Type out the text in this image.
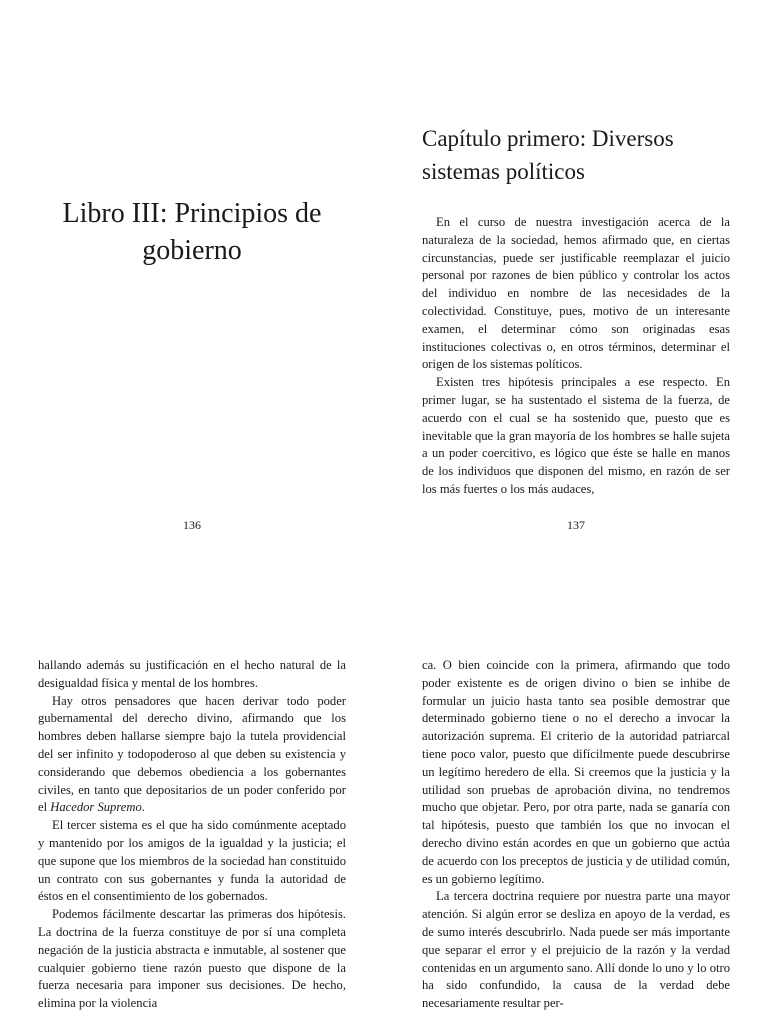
Libro III: Principios de gobierno
136
Capítulo primero: Diversos sistemas políticos

En el curso de nuestra investigación acerca de la naturaleza de la sociedad, hemos afirmado que, en ciertas circunstancias, puede ser justificable reemplazar el juicio personal por razones de bien público y controlar los actos del individuo en nombre de las necesidades de la colectividad. Constituye, pues, motivo de un interesante examen, el determinar cómo son originadas esas instituciones colectivas o, en otros términos, determinar el origen de los sistemas políticos.

Existen tres hipótesis principales a ese respecto. En primer lugar, se ha sustentado el sistema de la fuerza, de acuerdo con el cual se ha sostenido que, puesto que es inevitable que la gran mayoría de los hombres se halle sujeta a un poder coercitivo, es lógico que éste se halle en manos de los individuos que disponen del mismo, en razón de ser los más fuertes o los más audaces,

137

hallando además su justificación en el hecho natural de la desigualdad física y mental de los hombres.

Hay otros pensadores que hacen derivar todo poder gubernamental del derecho divino, afirmando que los hombres deben hallarse siempre bajo la tutela providencial del ser infinito y todopoderoso al que deben su existencia y considerando que debemos obediencia a los gobernantes civiles, en tanto que depositarios de un poder conferido por el Hacedor Supremo.

El tercer sistema es el que ha sido comúnmente aceptado y mantenido por los amigos de la igualdad y la justicia; el que supone que los miembros de la sociedad han constituido un contrato con sus gobernantes y funda la autoridad de éstos en el consentimiento de los gobernados.

Podemos fácilmente descartar las primeras dos hipótesis. La doctrina de la fuerza constituye de por sí una completa negación de la justicia abstracta e inmutable, al sostener que cualquier gobierno tiene razón puesto que dispone de la fuerza necesaria para imponer sus decisiones. De hecho, elimina por la violencia

ca. O bien coincide con la primera, afirmando que todo poder existente es de origen divino o bien se inhibe de formular un juicio hasta tanto sea posible demostrar que determinado gobierno tiene o no el derecho a invocar la autorización suprema. El criterio de la autoridad patriarcal tiene poco valor, puesto que difícilmente puede descubrirse un legítimo heredero de ella. Si creemos que la justicia y la utilidad son pruebas de aprobación divina, no tendremos mucho que objetar. Pero, por otra parte, nada se ganaría con tal hipótesis, puesto que también los que no invocan el derecho divino están acordes en que un gobierno que actúa de acuerdo con los preceptos de justicia y de utilidad común, es un gobierno legítimo.

La tercera doctrina requiere por nuestra parte una mayor atención. Si algún error se desliza en apoyo de la verdad, es de sumo interés descubrirlo. Nada puede ser más importante que separar el error y el prejuicio de la razón y la verdad contenidas en un argumento sano. Allí donde lo uno y lo otro ha sido confundido, la causa de la verdad debe necesariamente resultar per-
